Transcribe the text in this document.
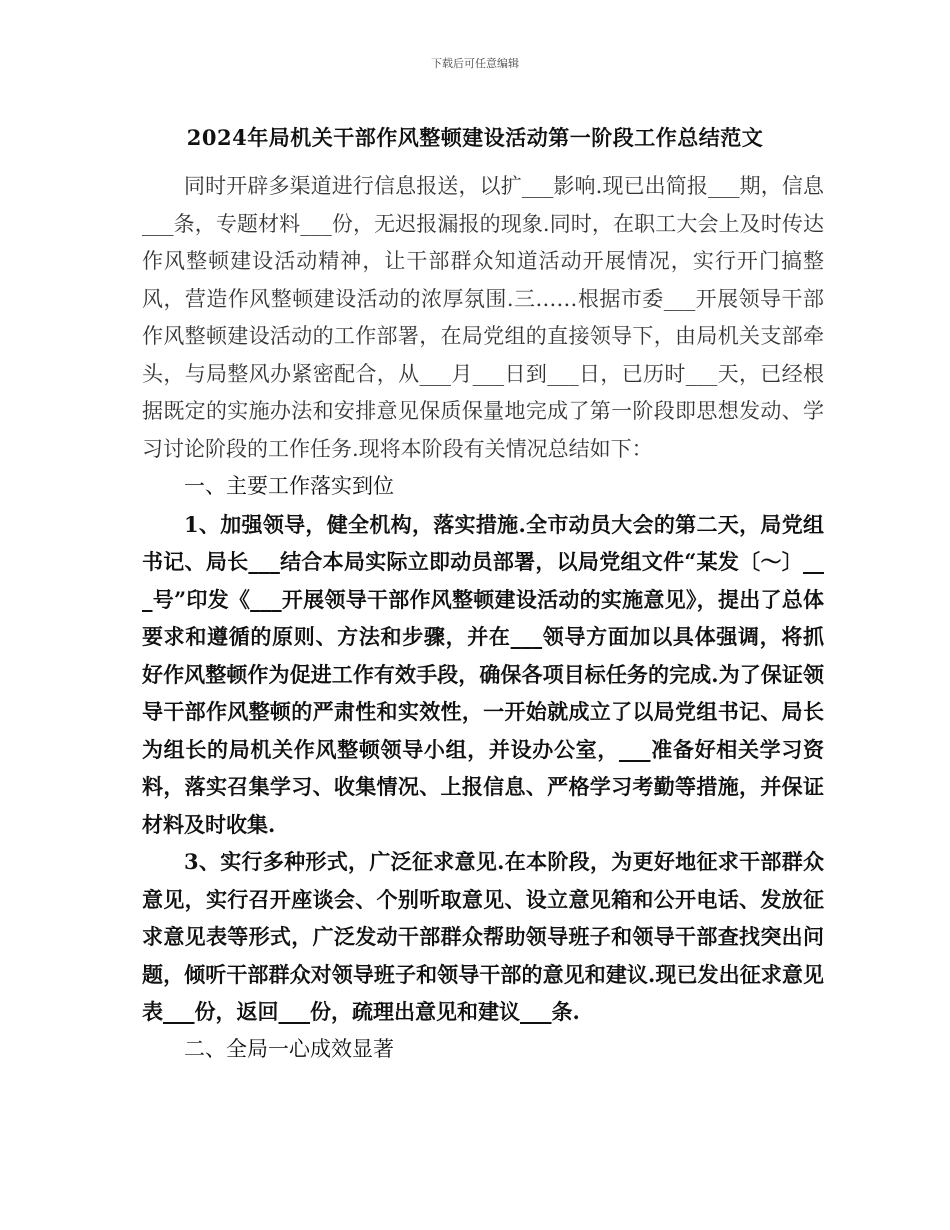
下载后可任意编辑
2024年局机关干部作风整顿建设活动第一阶段工作总结范文

同时开辟多渠道进行信息报送，以扩___影响.现已出简报___期，信息___条，专题材料___份，无迟报漏报的现象.同时，在职工大会上及时传达作风整顿建设活动精神，让干部群众知道活动开展情况，实行开门搞整风，营造作风整顿建设活动的浓厚氛围.三……根据市委___开展领导干部作风整顿建设活动的工作部署，在局党组的直接领导下，由局机关支部牵头，与局整风办紧密配合，从___月___日到___日，已历时___天，已经根据既定的实施办法和安排意见保质保量地完成了第一阶段即思想发动、学习讨论阶段的工作任务.现将本阶段有关情况总结如下：

一、主要工作落实到位

1、加强领导，健全机构，落实措施.全市动员大会的第二天，局党组书记、局长___结合本局实际立即动员部署，以局党组文件“某发〔～〕___号”印发《___开展领导干部作风整顿建设活动的实施意见》，提出了总体要求和遵循的原则、方法和步骤，并在___领导方面加以具体强调，将抓好作风整顿作为促进工作有效手段，确保各项目标任务的完成.为了保证领导干部作风整顿的严肃性和实效性，一开始就成立了以局党组书记、局长为组长的局机关作风整顿领导小组，并设办公室，___准备好相关学习资料，落实召集学习、收集情况、上报信息、严格学习考勤等措施，并保证材料及时收集.

3、实行多种形式，广泛征求意见.在本阶段，为更好地征求干部群众意见，实行召开座谈会、个别听取意见、设立意见箱和公开电话、发放征求意见表等形式，广泛发动干部群众帮助领导班子和领导干部查找突出问题，倾听干部群众对领导班子和领导干部的意见和建议.现已发出征求意见表___份，返回___份，疏理出意见和建议___条.

二、全局一心成效显著
